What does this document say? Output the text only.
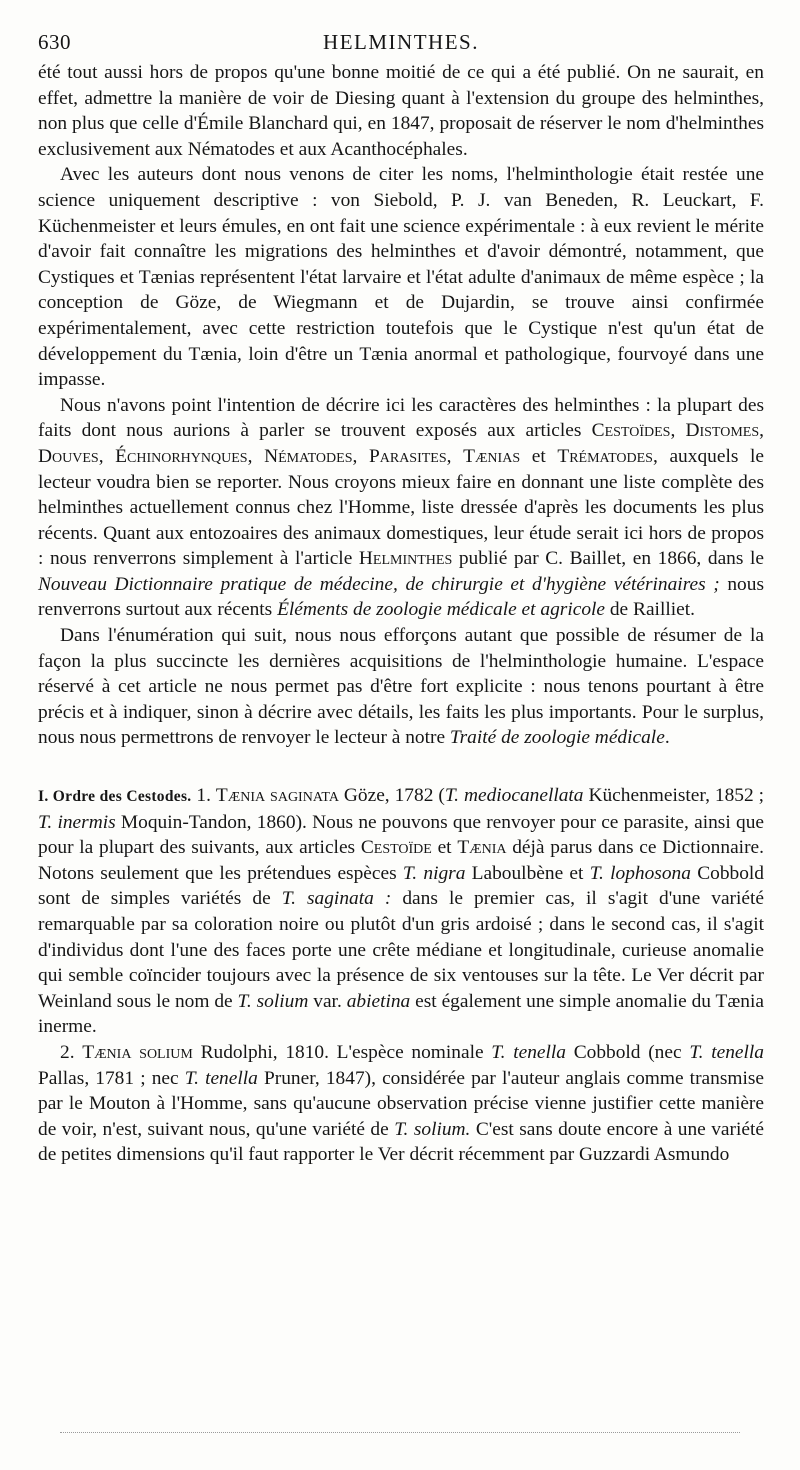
630	HELMINTHES.

été tout aussi hors de propos qu'une bonne moitié de ce qui a été publié. On ne saurait, en effet, admettre la manière de voir de Diesing quant à l'extension du groupe des helminthes, non plus que celle d'Émile Blanchard qui, en 1847, proposait de réserver le nom d'helminthes exclusivement aux Nématodes et aux Acanthocéphales.

Avec les auteurs dont nous venons de citer les noms, l'helminthologie était restée une science uniquement descriptive : von Siebold, P. J. van Beneden, R. Leuckart, F. Küchenmeister et leurs émules, en ont fait une science expérimentale : à eux revient le mérite d'avoir fait connaître les migrations des helminthes et d'avoir démontré, notamment, que Cystiques et Tænias représentent l'état larvaire et l'état adulte d'animaux de même espèce ; la conception de Göze, de Wiegmann et de Dujardin, se trouve ainsi confirmée expérimentalement, avec cette restriction toutefois que le Cystique n'est qu'un état de développement du Tænia, loin d'être un Tænia anormal et pathologique, fourvoyé dans une impasse.

Nous n'avons point l'intention de décrire ici les caractères des helminthes : la plupart des faits dont nous aurions à parler se trouvent exposés aux articles Cestoïdes, Distomes, Douves, Échinorhynques, Nématodes, Parasites, Tænias et Trématodes, auxquels le lecteur voudra bien se reporter. Nous croyons mieux faire en donnant une liste complète des helminthes actuellement connus chez l'Homme, liste dressée d'après les documents les plus récents. Quant aux entozoaires des animaux domestiques, leur étude serait ici hors de propos : nous renverrons simplement à l'article Helminthes publié par C. Baillet, en 1866, dans le Nouveau Dictionnaire pratique de médecine, de chirurgie et d'hygiène vétérinaires ; nous renverrons surtout aux récents Éléments de zoologie médicale et agricole de Railliet.

Dans l'énumération qui suit, nous nous efforçons autant que possible de résumer de la façon la plus succincte les dernières acquisitions de l'helminthologie humaine. L'espace réservé à cet article ne nous permet pas d'être fort explicite : nous tenons pourtant à être précis et à indiquer, sinon à décrire avec détails, les faits les plus importants. Pour le surplus, nous nous permettrons de renvoyer le lecteur à notre Traité de zoologie médicale.

I. Ordre des Cestodes. 1. Tænia saginata Göze, 1782 (T. mediocanellata Küchenmeister, 1852 ; T. inermis Moquin-Tandon, 1860). Nous ne pouvons que renvoyer pour ce parasite, ainsi que pour la plupart des suivants, aux articles Cestoïde et Tænia déjà parus dans ce Dictionnaire. Notons seulement que les prétendues espèces T. nigra Laboulbène et T. lophosona Cobbold sont de simples variétés de T. saginata : dans le premier cas, il s'agit d'une variété remarquable par sa coloration noire ou plutôt d'un gris ardoisé ; dans le second cas, il s'agit d'individus dont l'une des faces porte une crête médiane et longitudinale, curieuse anomalie qui semble coïncider toujours avec la présence de six ventouses sur la tête. Le Ver décrit par Weinland sous le nom de T. solium var. abietina est également une simple anomalie du Tænia inerme.

2. Tænia solium Rudolphi, 1810. L'espèce nominale T. tenella Cobbold (nec T. tenella Pallas, 1781 ; nec T. tenella Pruner, 1847), considérée par l'auteur anglais comme transmise par le Mouton à l'Homme, sans qu'aucune observation précise vienne justifier cette manière de voir, n'est, suivant nous, qu'une variété de T. solium. C'est sans doute encore à une variété de petites dimensions qu'il faut rapporter le Ver décrit récemment par Guzzardi Asmundo
